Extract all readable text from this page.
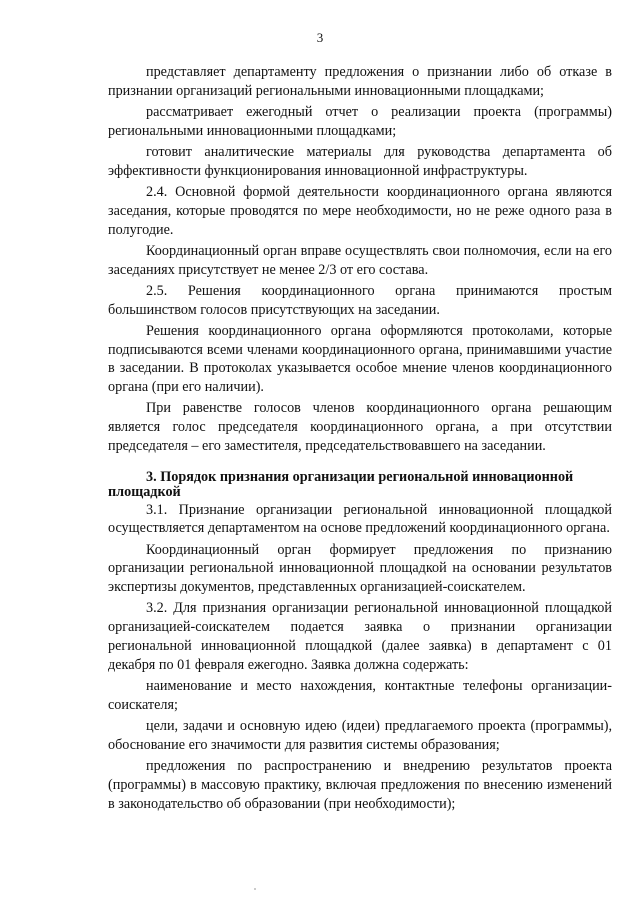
3

представляет департаменту предложения о признании либо об отказе в признании организаций региональными инновационными площадками;

рассматривает ежегодный отчет о реализации проекта (программы) региональными инновационными площадками;

готовит аналитические материалы для руководства департамента об эффективности функционирования инновационной инфраструктуры.

2.4. Основной формой деятельности координационного органа являются заседания, которые проводятся по мере необходимости, но не реже одного раза в полугодие.

Координационный орган вправе осуществлять свои полномочия, если на его заседаниях присутствует не менее 2/3 от его состава.

2.5. Решения координационного органа принимаются простым большинством голосов присутствующих на заседании.

Решения координационного органа оформляются протоколами, которые подписываются всеми членами координационного органа, принимавшими участие в заседании. В протоколах указывается особое мнение членов координационного органа (при его наличии).

При равенстве голосов членов координационного органа решающим является голос председателя координационного органа, а при отсутствии председателя – его заместителя, председательствовавшего на заседании.

3. Порядок признания организации региональной инновационной площадкой

3.1. Признание организации региональной инновационной площадкой осуществляется департаментом на основе предложений координационного органа.

Координационный орган формирует предложения по признанию организации региональной инновационной площадкой на основании результатов экспертизы документов, представленных организацией-соискателем.

3.2. Для признания организации региональной инновационной площадкой организацией-соискателем подается заявка о признании организации региональной инновационной площадкой (далее заявка) в департамент с 01 декабря по 01 февраля ежегодно. Заявка должна содержать:

наименование и место нахождения, контактные телефоны организации-соискателя;

цели, задачи и основную идею (идеи) предлагаемого проекта (программы), обоснование его значимости для развития системы образования;

предложения по распространению и внедрению результатов проекта (программы) в массовую практику, включая предложения по внесению изменений в законодательство об образовании (при необходимости);
